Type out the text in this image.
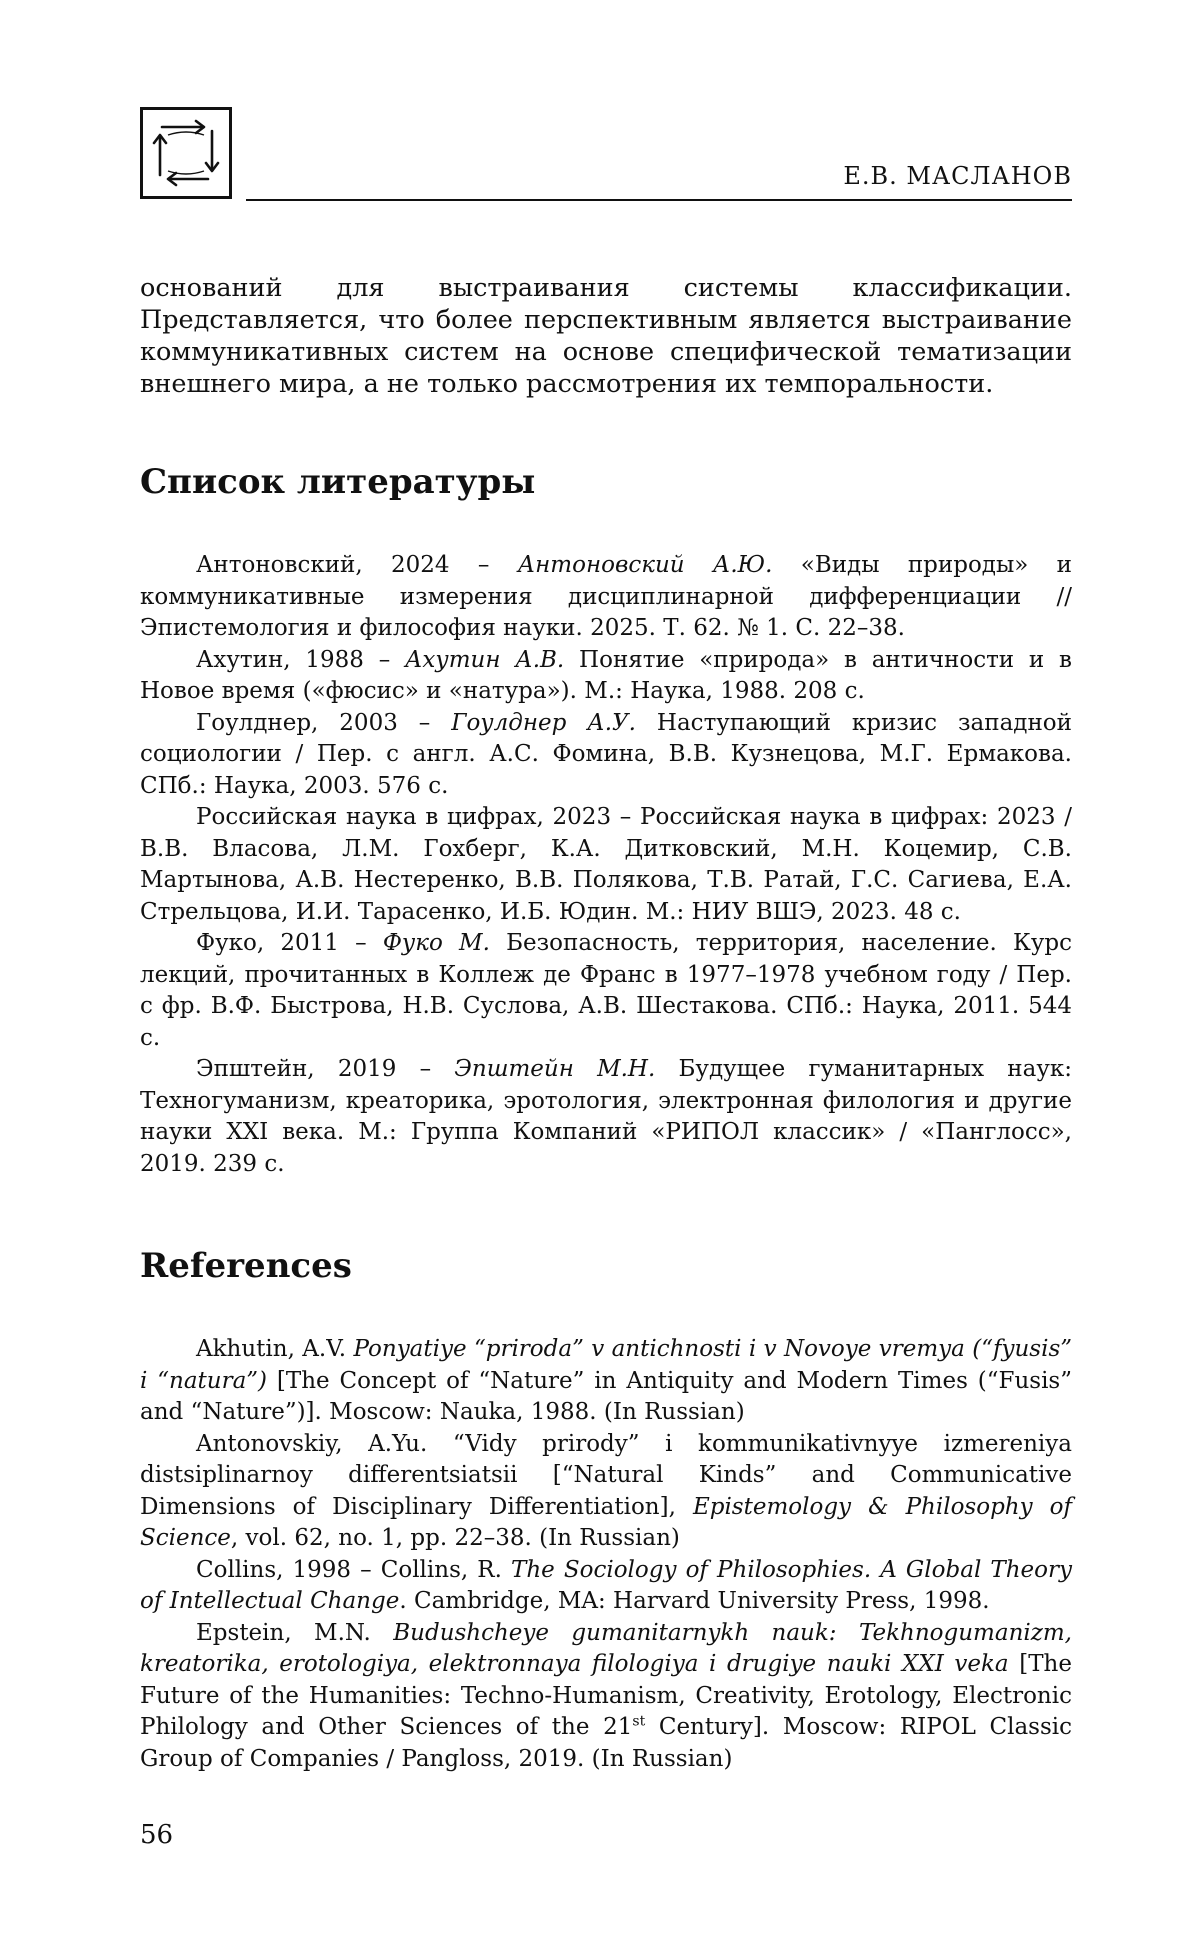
Е.В. МАСЛАНОВ

оснований для выстраивания системы классификации. Представляется, что более перспективным является выстраивание коммуникативных систем на основе специфической тематизации внешнего мира, а не только рассмотрения их темпоральности.

Список литературы

Антоновский, 2024 – Антоновский А.Ю. «Виды природы» и коммуникативные измерения дисциплинарной дифференциации // Эпистемология и философия науки. 2025. Т. 62. № 1. С. 22–38.

Ахутин, 1988 – Ахутин А.В. Понятие «природа» в античности и в Новое время («фюсис» и «натура»). М.: Наука, 1988. 208 с.

Гоулднер, 2003 – Гоулднер А.У. Наступающий кризис западной социологии / Пер. с англ. А.С. Фомина, В.В. Кузнецова, М.Г. Ермакова. СПб.: Наука, 2003. 576 с.

Российская наука в цифрах, 2023 – Российская наука в цифрах: 2023 / В.В. Власова, Л.М. Гохберг, К.А. Дитковский, М.Н. Коцемир, С.В. Мартынова, А.В. Нестеренко, В.В. Полякова, Т.В. Ратай, Г.С. Сагиева, Е.А. Стрельцова, И.И. Тарасенко, И.Б. Юдин. М.: НИУ ВШЭ, 2023. 48 с.

Фуко, 2011 – Фуко М. Безопасность, территория, население. Курс лекций, прочитанных в Коллеж де Франс в 1977–1978 учебном году / Пер. с фр. В.Ф. Быстрова, Н.В. Суслова, А.В. Шестакова. СПб.: Наука, 2011. 544 с.

Эпштейн, 2019 – Эпштейн М.Н. Будущее гуманитарных наук: Техногуманизм, креаторика, эротология, электронная филология и другие науки XXI века. М.: Группа Компаний «РИПОЛ классик» / «Панглосс», 2019. 239 с.

References

Akhutin, A.V. Ponyatiye “priroda” v antichnosti i v Novoye vremya (“fyusis” i “natura”) [The Concept of “Nature” in Antiquity and Modern Times (“Fusis” and “Nature”)]. Moscow: Nauka, 1988. (In Russian)

Antonovskiy, A.Yu. “Vidy prirody” i kommunikativnyye izmereniya distsiplinarnoy differentsiatsii [“Natural Kinds” and Communicative Dimensions of Disciplinary Differentiation], Epistemology & Philosophy of Science, vol. 62, no. 1, pp. 22–38. (In Russian)

Collins, 1998 – Collins, R. The Sociology of Philosophies. A Global Theory of Intellectual Change. Cambridge, MA: Harvard University Press, 1998.

Epstein, M.N. Budushcheye gumanitarnykh nauk: Tekhnogumanizm, kreatorika, erotologiya, elektronnaya filologiya i drugiye nauki XXI veka [The Future of the Humanities: Techno-Humanism, Creativity, Erotology, Electronic Philology and Other Sciences of the 21st Century]. Moscow: RIPOL Classic Group of Companies / Pangloss, 2019. (In Russian)

56
